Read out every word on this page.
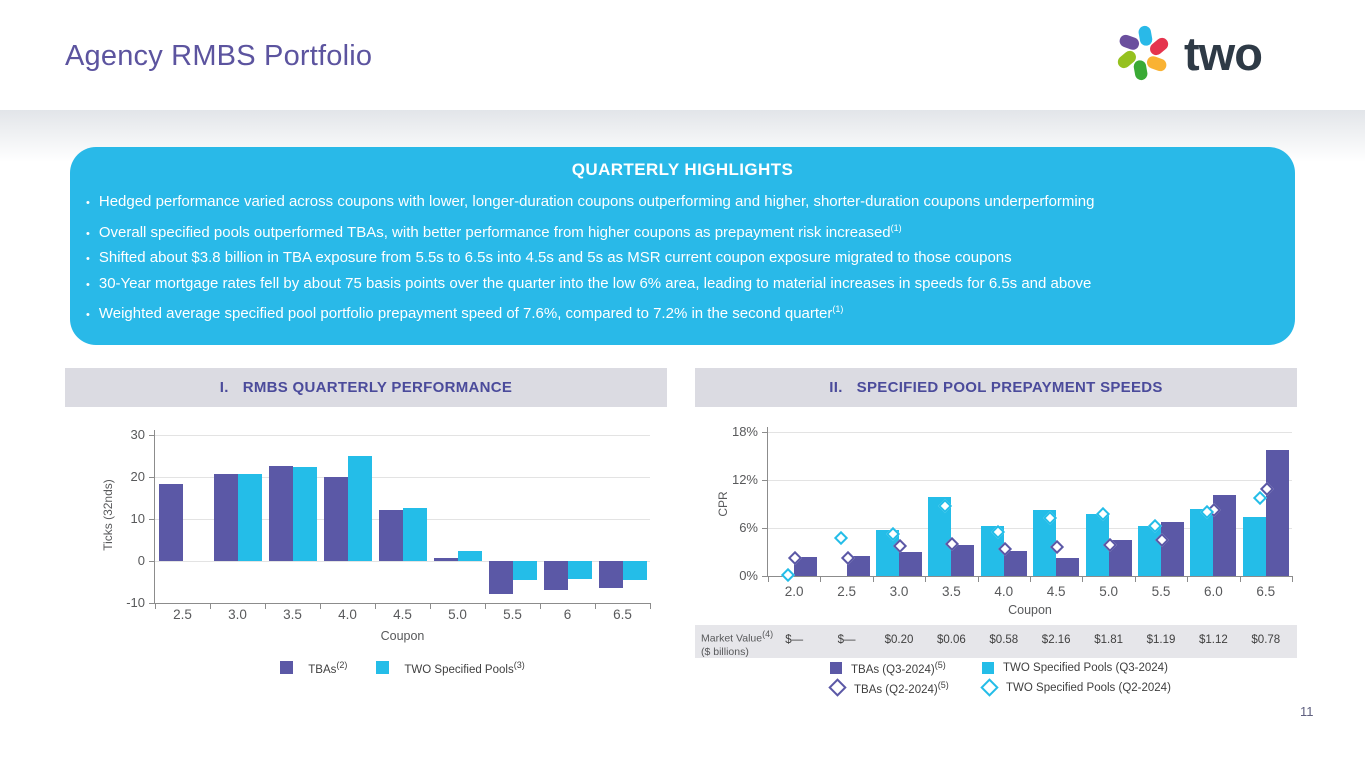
Agency RMBS Portfolio	two
QUARTERLY HIGHLIGHTS
• Hedged performance varied across coupons with lower, longer-duration coupons outperforming and higher, shorter-duration coupons underperforming
• Overall specified pools outperformed TBAs, with better performance from higher coupons as prepayment risk increased$^{(1)}$
• Shifted about $3.8 billion in TBA exposure from 5.5s to 6.5s into 4.5s and 5s as MSR current coupon exposure migrated to those coupons
• 30-Year mortgage rates fell by about 75 basis points over the quarter into the low 6% area, leading to material increases in speeds for 6.5s and above
• Weighted average specified pool portfolio prepayment speed of 7.6%, compared to 7.2% in the second quarter$^{(1)}$
I. RMBS QUARTERLY PERFORMANCE	II. SPECIFIED POOL PREPAYMENT SPEEDS
30
20
10
0
-10
2.5	3.0	3.5	4.0	4.5	5.0	5.5	6	6.5
18%
12%
6%
0%
2.0	2.5	3.0	3.5	4.0	4.5	5.0	5.5	6.0	6.5
Ticks (32nds)
Coupon
CPR
Coupon
Market Value$^{(4)}$
($ billions)
TBAs$^{(2)}$	TWO Specified Pools$^{(3)}$	TBAs $(Q3-2024)^{(5)}$	TWO Specified Pools (Q3-2024)
TBAs $(Q2-2024)^{(5)}$	TWO Specified Pools (Q2-2024)
11
$—	$—	$0.20	$0.06	$0.58	$2.16	$1.81	$1.19	$1.12	$0.78
